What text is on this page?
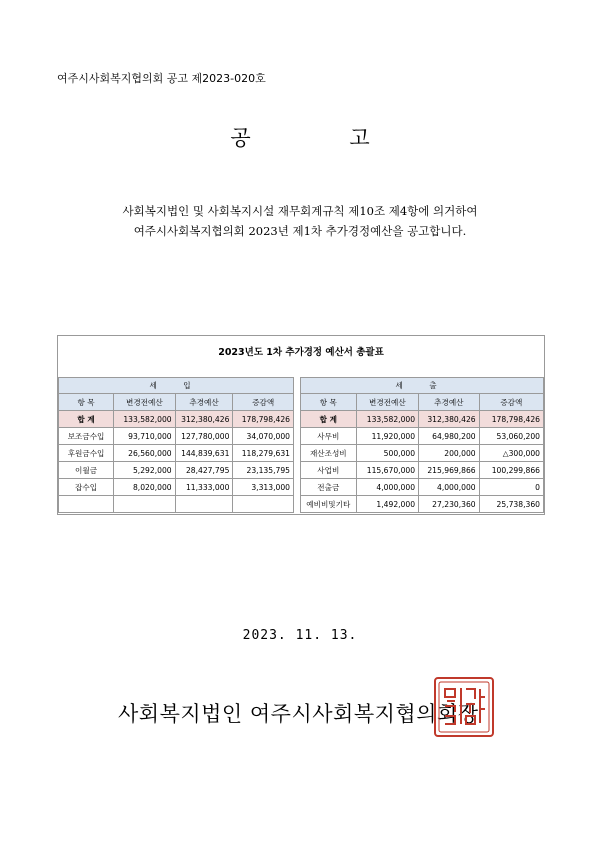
여주시사회복지협의회 공고 제2023-020호
공 고
사회복지법인 및 사회복지시설 재무회계규칙 제10조 제4항에 의거하여
여주시사회복지협의회 2023년 제1차 추가경정예산을 공고합니다.
2023년도 1차 추가경정 예산서 총괄표
세 입					세 출			
항 목	변경전예산	추경예산	증감액		항 목	변경전예산	추경예산	증감액
합 계	133,582,000	312,380,426	178,798,426		합 계	133,582,000	312,380,426	178,798,426
보조금수입	93,710,000	127,780,000	34,070,000		사무비	11,920,000	64,980,200	53,060,200
후원금수입	26,560,000	144,839,631	118,279,631		재산조성비	500,000	200,000	△300,000
이월금	5,292,000	28,427,795	23,135,795		사업비	115,670,000	215,969,866	100,299,866
잡수입	8,020,000	11,333,000	3,313,000		전출금	4,000,000	4,000,000	0
					예비비및기타	1,492,000	27,230,360	25,738,360
2023. 11. 13.
사회복지법인 여주시사회복지협의회장
